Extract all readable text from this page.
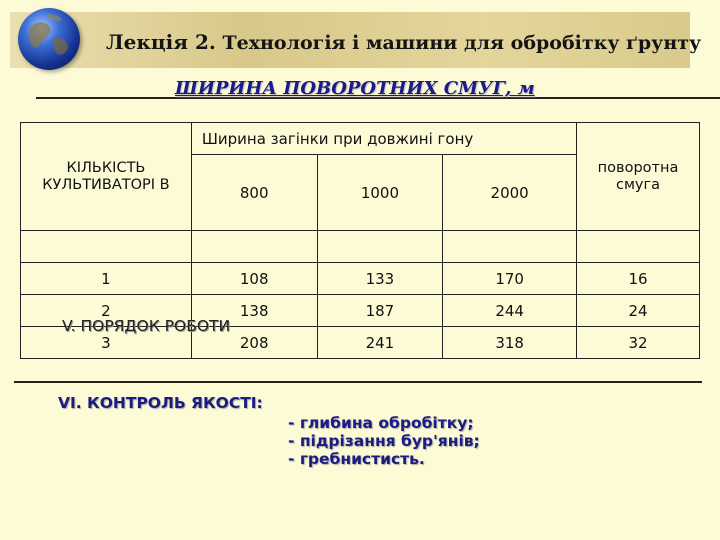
Лекція 2. Технологія і машини для обробітку ґрунту
ШИРИНА ПОВОРОТНИХ СМУГ, м
КІЛЬКІСТЬ КУЛЬТИВАТОРІ В	Ширина загінки при довжині гону			поворотна смуга
	800	1000	2000	

1	108	133	170	16
2	138	187	244	24
3	208	241	318	32
V. ПОРЯДОК РОБОТИ
VI. КОНТРОЛЬ ЯКОСТІ:
- глибина обробітку;
- підрізання бур'янів;
- гребнистисть.
